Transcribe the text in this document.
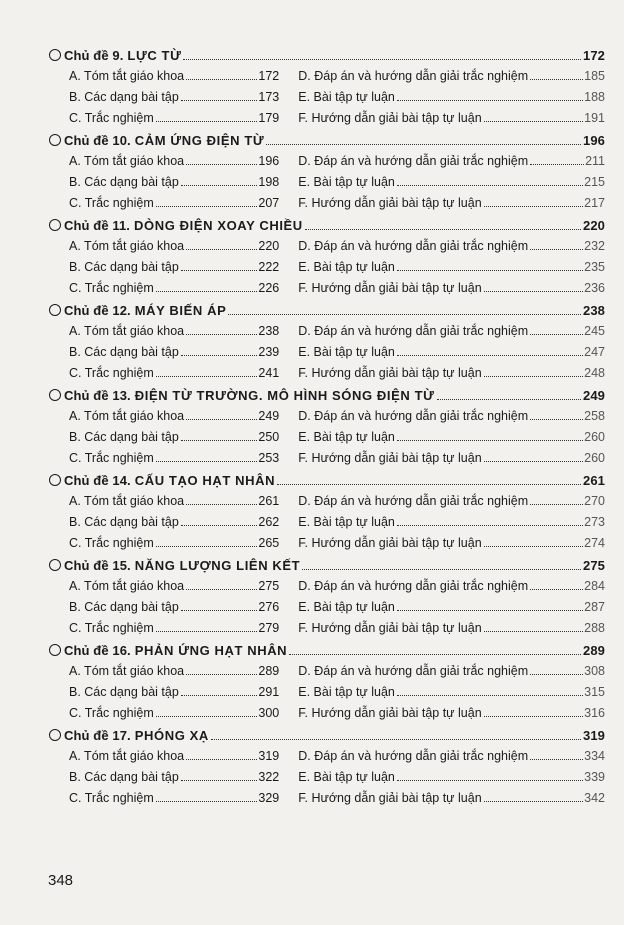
Chủ đề 9. LỰC TỪ	172
A. Tóm tắt giáo khoa	172 D. Đáp án và hướng dẫn giải trắc nghiệm	185
B. Các dạng bài tập	173 E. Bài tập tự luận	188
C. Trắc nghiệm	179 F. Hướng dẫn giải bài tập tự luận	191
Chủ đề 10. CẢM ỨNG ĐIỆN TỪ	196
A. Tóm tắt giáo khoa	196 D. Đáp án và hướng dẫn giải trắc nghiệm	211
B. Các dạng bài tập	198 E. Bài tập tự luận	215
C. Trắc nghiệm	207 F. Hướng dẫn giải bài tập tự luận	217
Chủ đề 11. DÒNG ĐIỆN XOAY CHIỀU	220
A. Tóm tắt giáo khoa	220 D. Đáp án và hướng dẫn giải trắc nghiệm	232
B. Các dạng bài tập	222 E. Bài tập tự luận	235
C. Trắc nghiệm	226 F. Hướng dẫn giải bài tập tự luận	236
Chủ đề 12. MÁY BIẾN ÁP	238
A. Tóm tắt giáo khoa	238 D. Đáp án và hướng dẫn giải trắc nghiệm	245
B. Các dạng bài tập	239 E. Bài tập tự luận	247
C. Trắc nghiệm	241 F. Hướng dẫn giải bài tập tự luận	248
Chủ đề 13. ĐIỆN TỪ TRƯỜNG. MÔ HÌNH SÓNG ĐIỆN TỪ	249
A. Tóm tắt giáo khoa	249 D. Đáp án và hướng dẫn giải trắc nghiệm	258
B. Các dạng bài tập	250 E. Bài tập tự luận	260
C. Trắc nghiệm	253 F. Hướng dẫn giải bài tập tự luận	260
Chủ đề 14. CẤU TẠO HẠT NHÂN	261
A. Tóm tắt giáo khoa	261 D. Đáp án và hướng dẫn giải trắc nghiệm	270
B. Các dạng bài tập	262 E. Bài tập tự luận	273
C. Trắc nghiệm	265 F. Hướng dẫn giải bài tập tự luận	274
Chủ đề 15. NĂNG LƯỢNG LIÊN KẾT	275
A. Tóm tắt giáo khoa	275 D. Đáp án và hướng dẫn giải trắc nghiệm	284
B. Các dạng bài tập	276 E. Bài tập tự luận	287
C. Trắc nghiệm	279 F. Hướng dẫn giải bài tập tự luận	288
Chủ đề 16. PHẢN ỨNG HẠT NHÂN	289
A. Tóm tắt giáo khoa	289 D. Đáp án và hướng dẫn giải trắc nghiệm	308
B. Các dạng bài tập	291 E. Bài tập tự luận	315
C. Trắc nghiệm	300 F. Hướng dẫn giải bài tập tự luận	316
Chủ đề 17. PHÓNG XẠ	319
A. Tóm tắt giáo khoa	319 D. Đáp án và hướng dẫn giải trắc nghiệm	334
B. Các dạng bài tập	322 E. Bài tập tự luận	339
C. Trắc nghiệm	329 F. Hướng dẫn giải bài tập tự luận	342
348
